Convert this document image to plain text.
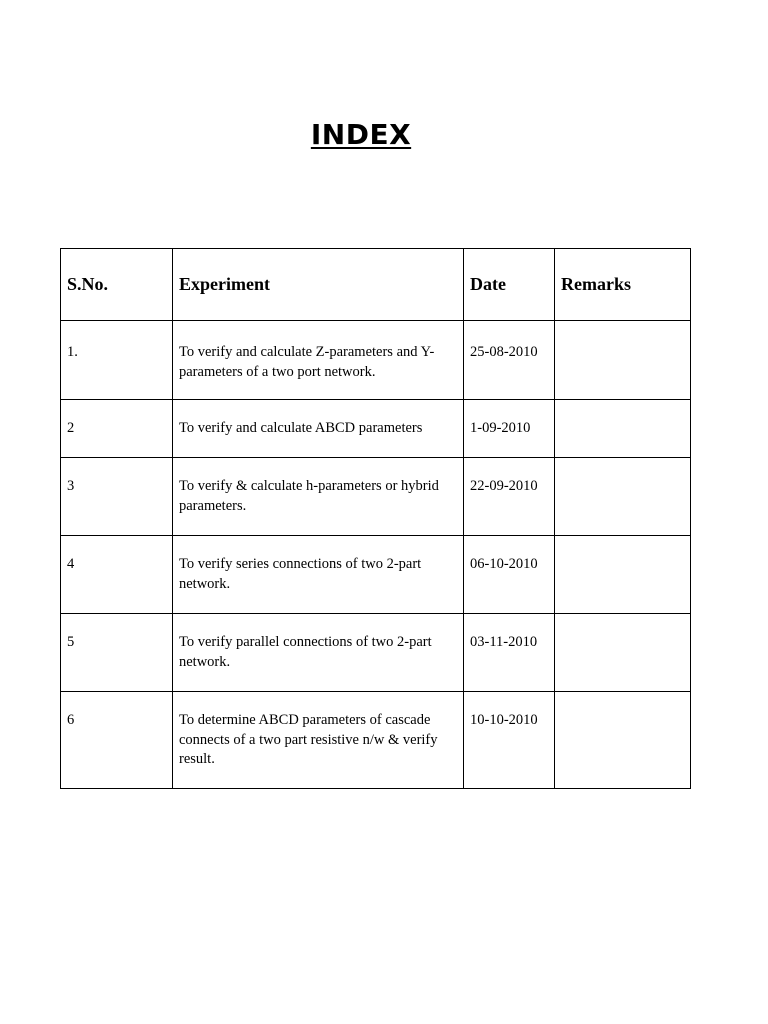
INDEX
S.No.	Experiment	Date	Remarks
1.	To verify and calculate Z-parameters and Y- parameters of a two port network.	25-08-2010	
2	To verify and calculate ABCD parameters	1-09-2010	
3	To verify & calculate h-parameters or hybrid parameters.	22-09-2010	
4	To verify series connections of two 2-part network.	06-10-2010	
5	To verify parallel connections of two 2-part network.	03-11-2010	
6	To determine ABCD parameters of cascade connects of a two part resistive n/w & verify result.	10-10-2010	
